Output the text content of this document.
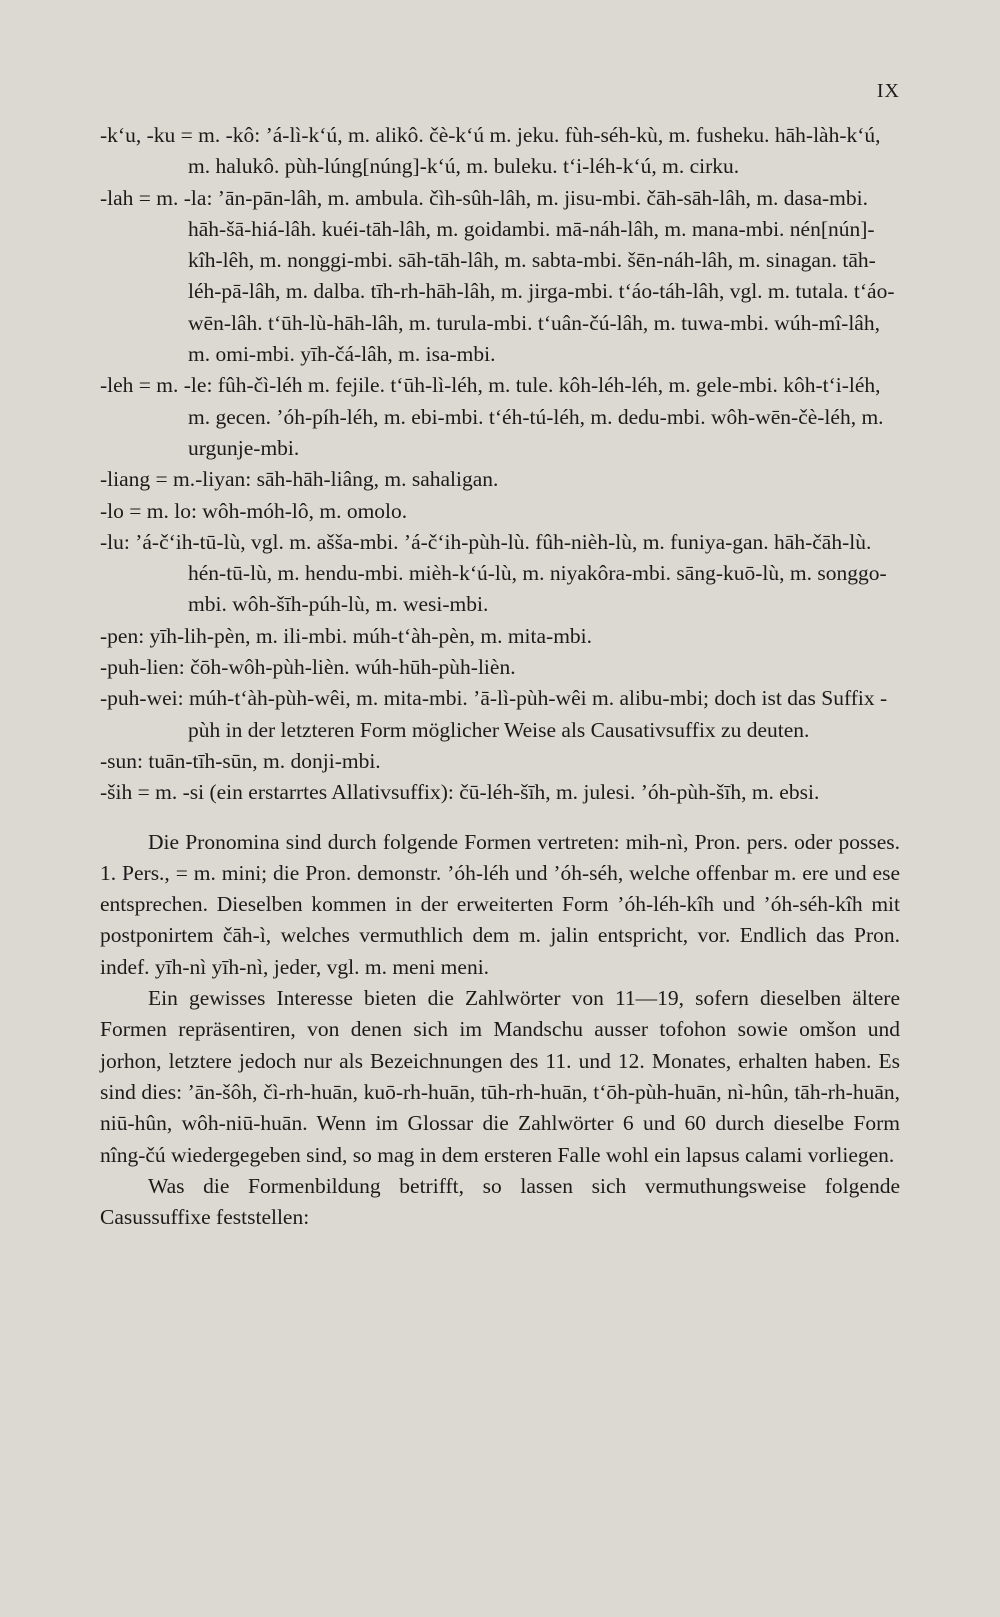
IX

-k‘u, -ku = m. -kô: ’á-lì-k‘ú, m. alikô. čè-k‘ú m. jeku. fùh-séh-kù, m. fusheku. hāh-làh-k‘ú, m. halukô. pùh-lúng[núng]-k‘ú, m. buleku. t‘i-léh-k‘ú, m. cirku.

-lah = m. -la: ’ān-pān-lâh, m. ambula. čìh-sûh-lâh, m. jisu-mbi. čāh-sāh-lâh, m. dasa-mbi. hāh-šā-hiá-lâh. kuéi-tāh-lâh, m. goidambi. mā-náh-lâh, m. mana-mbi. nén[nún]-kîh-lêh, m. nonggi-mbi. sāh-tāh-lâh, m. sabta-mbi. šēn-náh-lâh, m. sinagan. tāh-léh-pā-lâh, m. dalba. tīh-rh-hāh-lâh, m. jirga-mbi. t‘áo-táh-lâh, vgl. m. tutala. t‘áo-wēn-lâh. t‘ūh-lù-hāh-lâh, m. turula-mbi. t‘uân-čú-lâh, m. tuwa-mbi. wúh-mî-lâh, m. omi-mbi. yīh-čá-lâh, m. isa-mbi.

-leh = m. -le: fûh-čì-léh m. fejile. t‘ūh-lì-léh, m. tule. kôh-léh-léh, m. gele-mbi. kôh-t‘i-léh, m. gecen. ’óh-píh-léh, m. ebi-mbi. t‘éh-tú-léh, m. dedu-mbi. wôh-wēn-čè-léh, m. urgunje-mbi.

-liang = m.-liyan: sāh-hāh-liâng, m. sahaligan.

-lo = m. lo: wôh-móh-lô, m. omolo.

-lu: ’á-č‘ih-tū-lù, vgl. m. ašša-mbi. ’á-č‘ih-pùh-lù. fûh-nièh-lù, m. funiya-gan. hāh-čāh-lù. hén-tū-lù, m. hendu-mbi. mièh-k‘ú-lù, m. niyakôra-mbi. sāng-kuō-lù, m. songgo-mbi. wôh-šīh-púh-lù, m. wesi-mbi.

-pen: yīh-lih-pèn, m. ili-mbi. múh-t‘àh-pèn, m. mita-mbi.

-puh-lien: čōh-wôh-pùh-lièn. wúh-hūh-pùh-lièn.

-puh-wei: múh-t‘àh-pùh-wêi, m. mita-mbi. ’ā-lì-pùh-wêi m. alibu-mbi; doch ist das Suffix -pùh in der letzteren Form möglicher Weise als Causativsuffix zu deuten.

-sun: tuān-tīh-sūn, m. donji-mbi.

-ših = m. -si (ein erstarrtes Allativsuffix): čū-léh-šīh, m. julesi. ’óh-pùh-šīh, m. ebsi.

Die Pronomina sind durch folgende Formen vertreten: mih-nì, Pron. pers. oder posses. 1. Pers., = m. mini; die Pron. demonstr. ’óh-léh und ’óh-séh, welche offenbar m. ere und ese entsprechen. Dieselben kommen in der erweiterten Form ’óh-léh-kîh und ’óh-séh-kîh mit postponirtem čāh-ì, welches vermuthlich dem m. jalin entspricht, vor. Endlich das Pron. indef. yīh-nì yīh-nì, jeder, vgl. m. meni meni.

Ein gewisses Interesse bieten die Zahlwörter von 11—19, sofern dieselben ältere Formen repräsentiren, von denen sich im Mandschu ausser tofohon sowie omšon und jorhon, letztere jedoch nur als Bezeichnungen des 11. und 12. Monates, erhalten haben. Es sind dies: ’ān-šôh, čì-rh-huān, kuō-rh-huān, tūh-rh-huān, t‘ōh-pùh-huān, nì-hûn, tāh-rh-huān, niū-hûn, wôh-niū-huān. Wenn im Glossar die Zahlwörter 6 und 60 durch dieselbe Form nîng-čú wiedergegeben sind, so mag in dem ersteren Falle wohl ein lapsus calami vorliegen.

Was die Formenbildung betrifft, so lassen sich vermuthungsweise folgende Casussuffixe feststellen:
